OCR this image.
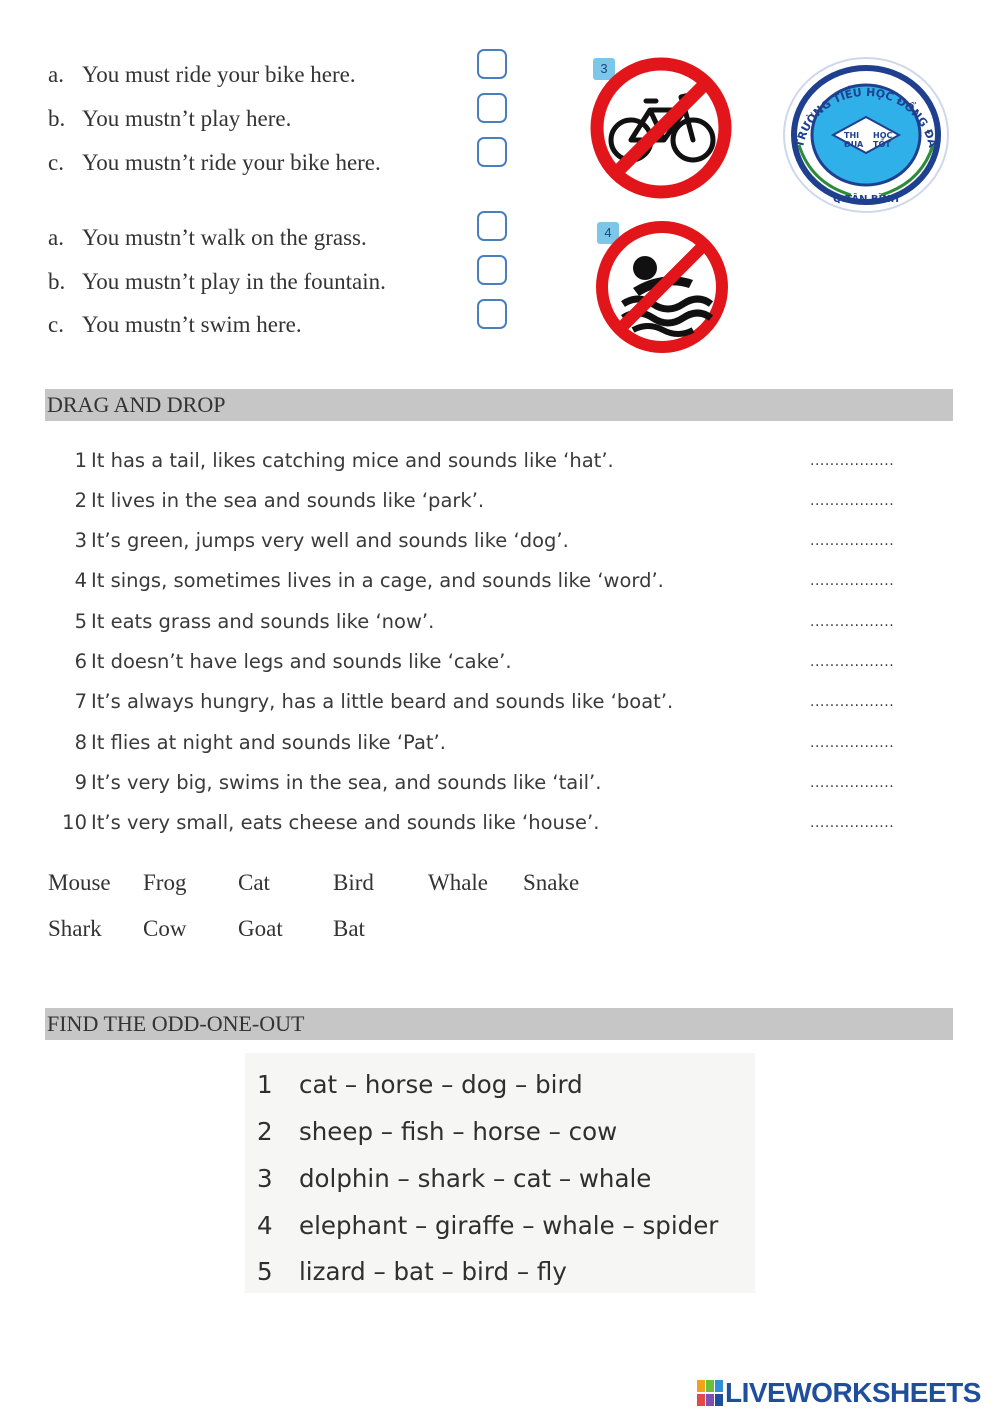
a. You must ride your bike here.
b. You mustn’t play here.
c. You mustn’t ride your bike here.
3
THI
ĐUA
HỌC
TỐT
TRƯỜNG TIỂU HỌC ĐỒNG ĐA
Q.TÂN BÌNH
a. You mustn’t walk on the grass.
b. You mustn’t play in the fountain.
c. You mustn’t swim here.
4
DRAG AND DROP
1 It has a tail, likes catching mice and sounds like ‘hat’.	.................
2 It lives in the sea and sounds like ‘park’.	.................
3 It’s green, jumps very well and sounds like ‘dog’.	.................
4 It sings, sometimes lives in a cage, and sounds like ‘word’.	.................
5 It eats grass and sounds like ‘now’.	.................
6 It doesn’t have legs and sounds like ‘cake’.	.................
7 It’s always hungry, has a little beard and sounds like ‘boat’.	.................
8 It flies at night and sounds like ‘Pat’.	.................
9 It’s very big, swims in the sea, and sounds like ‘tail’.	.................
10 It’s very small, eats cheese and sounds like ‘house’.	.................
Mouse Frog Cat	Bird Whale Snake
Shark Cow Goat Bat
FIND THE ODD-ONE-OUT
1 cat – horse – dog – bird
2 sheep – fish – horse – cow
3 dolphin – shark – cat – whale
4 elephant – giraffe – whale – spider
5 lizard – bat – bird – fly
LIVEWORKSHEETS
